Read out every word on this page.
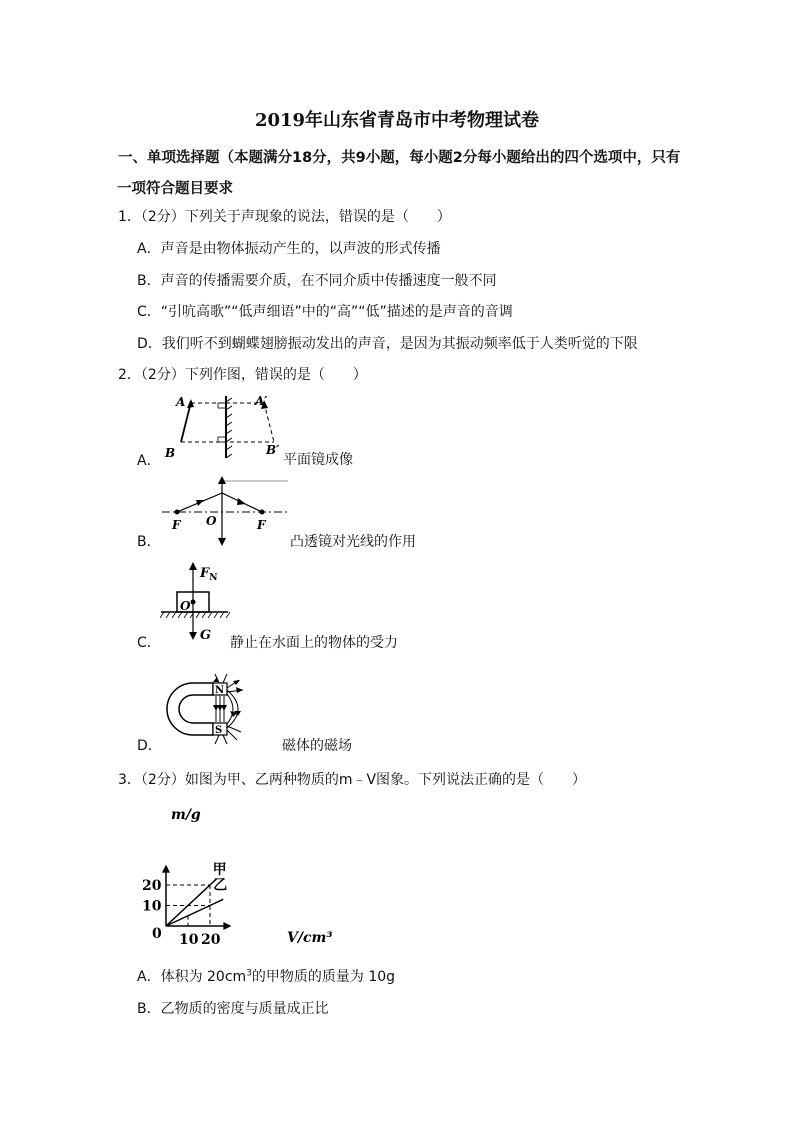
2019年山东省青岛市中考物理试卷
一、单项选择题（本题满分18分，共9小题，每小题2分每小题给出的四个选项中，只有
一项符合题目要求
1．（2分）下列关于声现象的说法，错误的是（　　）
A．声音是由物体振动产生的，以声波的形式传播
B．声音的传播需要介质，在不同介质中传播速度一般不同
C．“引吭高歌”“低声细语”中的“高”“低”描述的是声音的音调
D．我们听不到蝴蝶翅膀振动发出的声音，是因为其振动频率低于人类听觉的下限
2．（2分）下列作图，错误的是（　　）
A．
A	A′
B	B′
平面镜成像
B．
F O	F
凸透镜对光线的作用
C．
$F_N$
O
G 静止在水面上的物体的受力
D．
N
S
磁体的磁场
3．（2分）如图为甲、乙两种物质的m﹣V图象。下列说法正确的是（　　）
甲
乙
10 20
10
20
m/g
V/cm³
0
A．体积为 $20cm^3$的甲物质的质量为 10g
B．乙物质的密度与质量成正比
